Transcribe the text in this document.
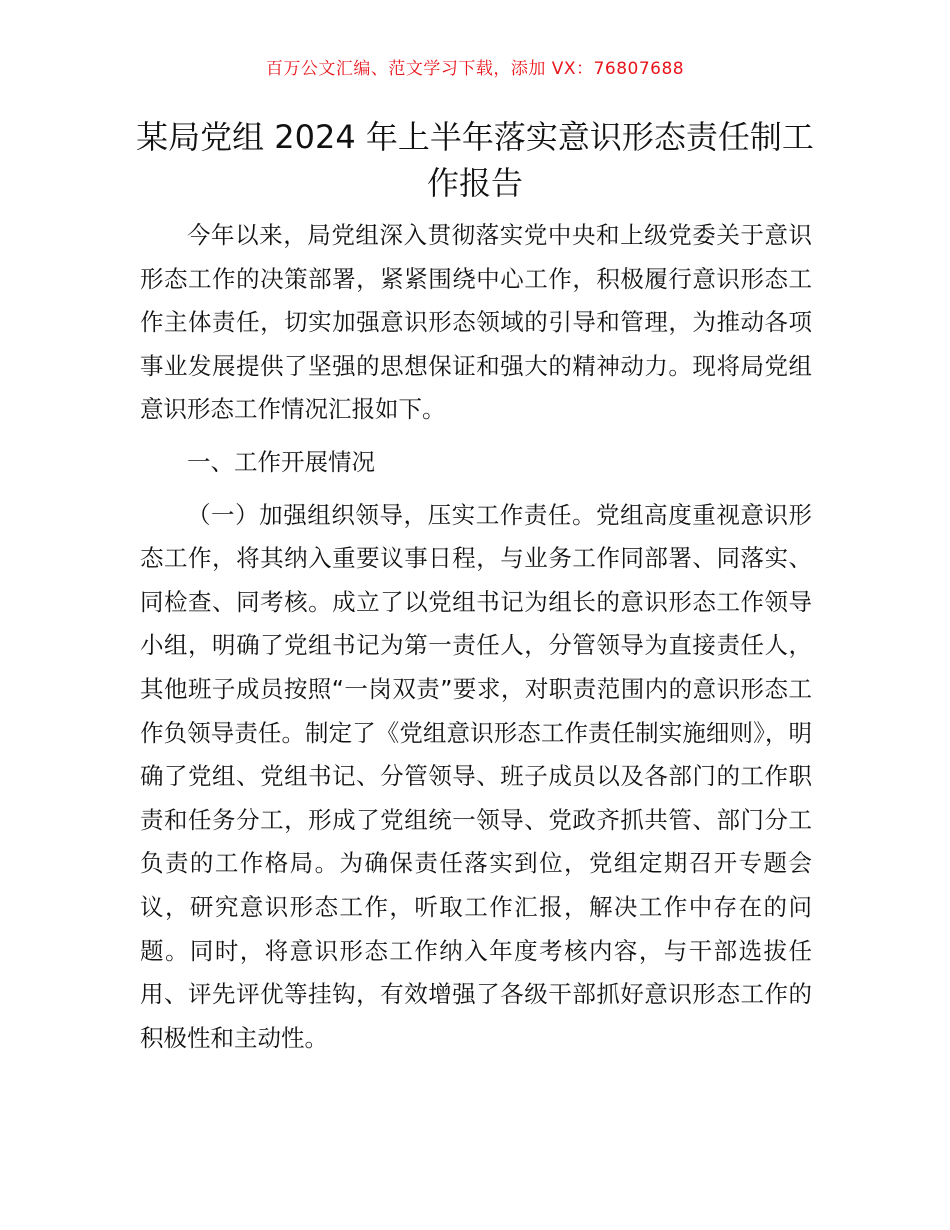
百万公文汇编、范文学习下载，添加 VX：76807688
某局党组 2024 年上半年落实意识形态责任制工作报告

今年以来，局党组深入贯彻落实党中央和上级党委关于意识形态工作的决策部署，紧紧围绕中心工作，积极履行意识形态工作主体责任，切实加强意识形态领域的引导和管理，为推动各项事业发展提供了坚强的思想保证和强大的精神动力。现将局党组意识形态工作情况汇报如下。

一、工作开展情况

（一）加强组织领导，压实工作责任。党组高度重视意识形态工作，将其纳入重要议事日程，与业务工作同部署、同落实、同检查、同考核。成立了以党组书记为组长的意识形态工作领导小组，明确了党组书记为第一责任人，分管领导为直接责任人，其他班子成员按照“一岗双责”要求，对职责范围内的意识形态工作负领导责任。制定了《党组意识形态工作责任制实施细则》，明确了党组、党组书记、分管领导、班子成员以及各部门的工作职责和任务分工，形成了党组统一领导、党政齐抓共管、部门分工负责的工作格局。为确保责任落实到位，党组定期召开专题会议，研究意识形态工作，听取工作汇报，解决工作中存在的问题。同时，将意识形态工作纳入年度考核内容，与干部选拔任用、评先评优等挂钩，有效增强了各级干部抓好意识形态工作的积极性和主动性。
